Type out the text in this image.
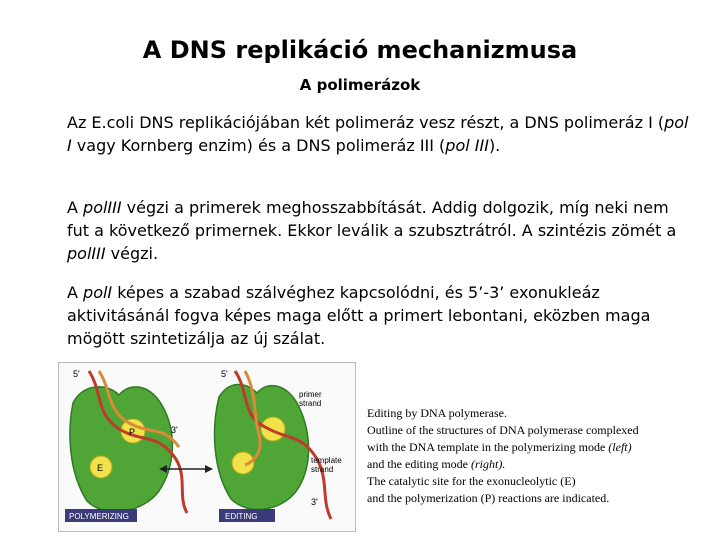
A DNS replikáció mechanizmusa
A polimerázok

Az E.coli DNS replikációjában két polimeráz vesz részt, a DNS polimeráz I (pol I vagy Kornberg enzim) és a DNS polimeráz III (pol III).

A polIII végzi a primerek meghosszabbítását. Addig dolgozik, míg neki nem fut a következő primernek. Ekkor leválik a szubsztrátról. A szintézis zömét a polIII végzi.

A polI képes a szabad szálvéghez kapcsolódni, és 5’-3’ exonukleáz aktivitásánál fogva képes maga előtt a primert lebontani, eközben maga mögött szintetizálja az új szálat.

5'
3'
P
E
5'
3'
primer
strand
template
strand
POLYMERIZING	EDITING
Editing by DNA polymerase.
Outline of the structures of DNA polymerase complexed
with the DNA template in the polymerizing mode (left)
and the editing mode (right).
The catalytic site for the exonucleolytic (E)
and the polymerization (P) reactions are indicated.
